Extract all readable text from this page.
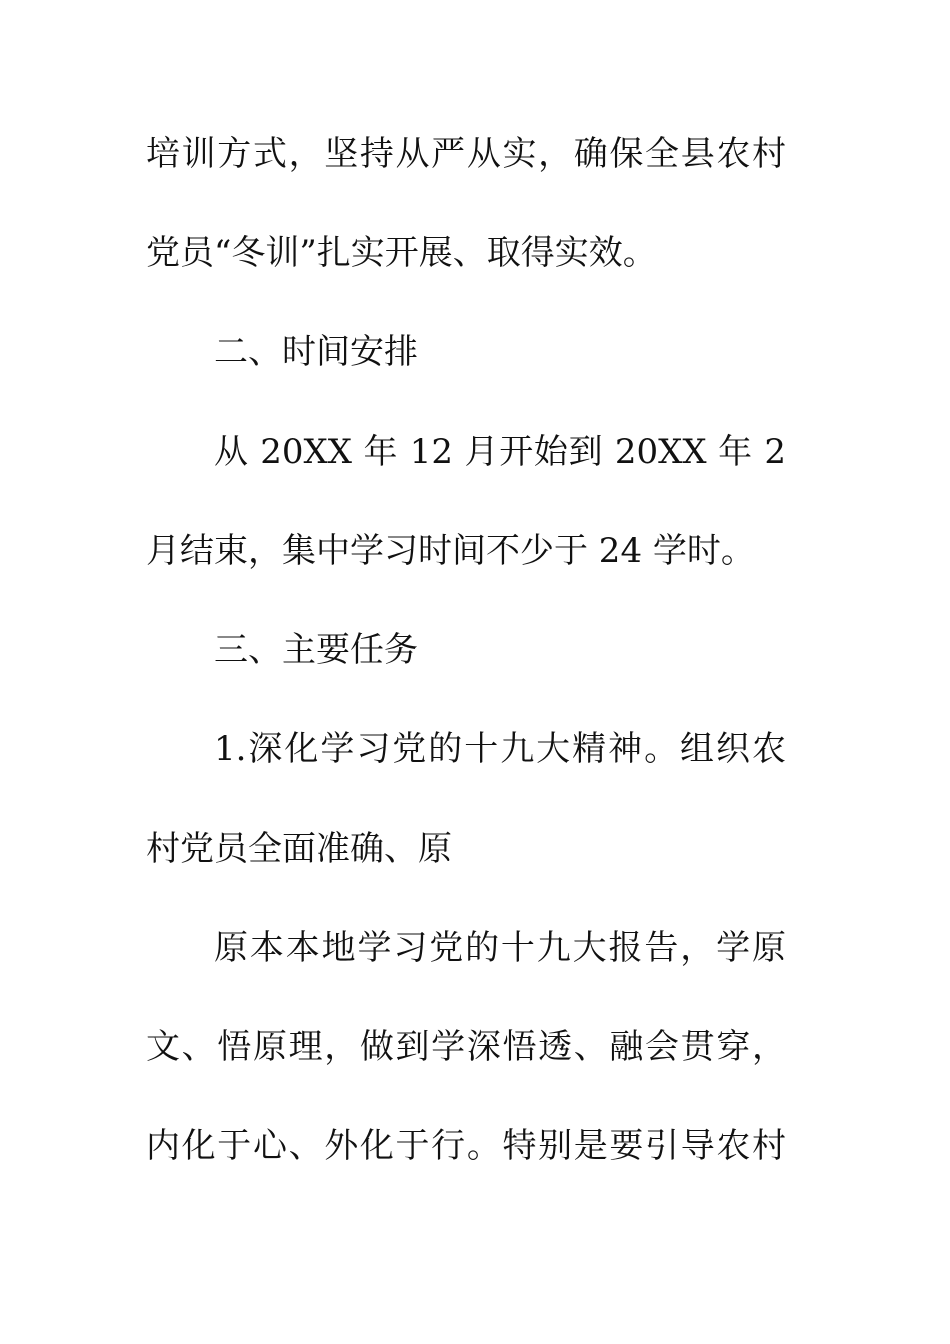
培训方式，坚持从严从实，确保全县农村
党员“冬训”扎实开展、取得实效。
二、时间安排
从 20XX 年 12 月开始到 20XX 年 2
月结束，集中学习时间不少于 24 学时。
三、主要任务
1.深化学习党的十九大精神。组织农
村党员全面准确、原
原本本地学习党的十九大报告，学原
文、悟原理，做到学深悟透、融会贯穿，
内化于心、外化于行。特别是要引导农村
